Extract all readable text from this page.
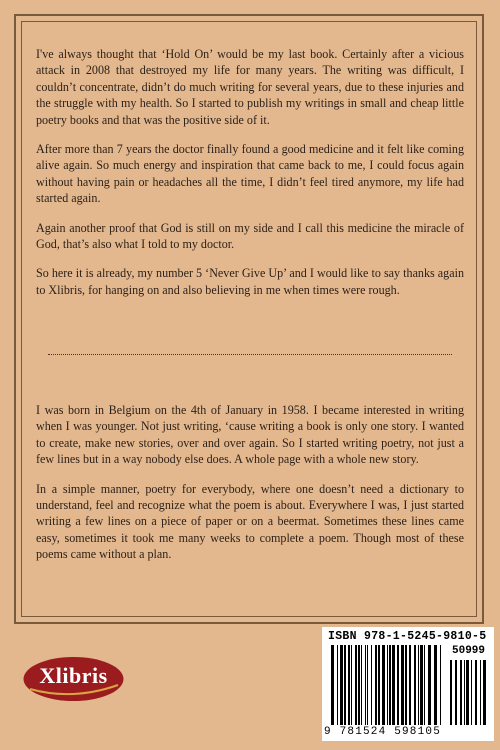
I've always thought that ‘Hold On’ would be my last book. Certainly after a vicious attack in 2008 that destroyed my life for many years. The writing was difficult, I couldn’t concentrate, didn’t do much writing for several years, due to these injuries and the struggle with my health. So I started to publish my writings in small and cheap little poetry books and that was the positive side of it.

After more than 7 years the doctor finally found a good medicine and it felt like coming alive again. So much energy and inspiration that came back to me, I could focus again without having pain or headaches all the time, I didn’t feel tired anymore, my life had started again.

Again another proof that God is still on my side and I call this medicine the miracle of God, that’s also what I told to my doctor.

So here it is already, my number 5 ‘Never Give Up’ and I would like to say thanks again to Xlibris, for hanging on and also believing in me when times were rough.

I was born in Belgium on the 4th of January in 1958. I became interested in writing when I was younger. Not just writing, ‘cause writing a book is only one story. I wanted to create, make new stories, over and over again. So I started writing poetry, not just a few lines but in a way nobody else does. A whole page with a whole new story.

In a simple manner, poetry for everybody, where one doesn’t need a dictionary to understand, feel and recognize what the poem is about. Everywhere I was, I just started writing a few lines on a piece of paper or on a beermat. Sometimes these lines came easy, sometimes it took me many weeks to complete a poem. Though most of these poems came without a plan.

Xlibris
ISBN 978-1-5245-9810-5
50999
9 781524 598105
